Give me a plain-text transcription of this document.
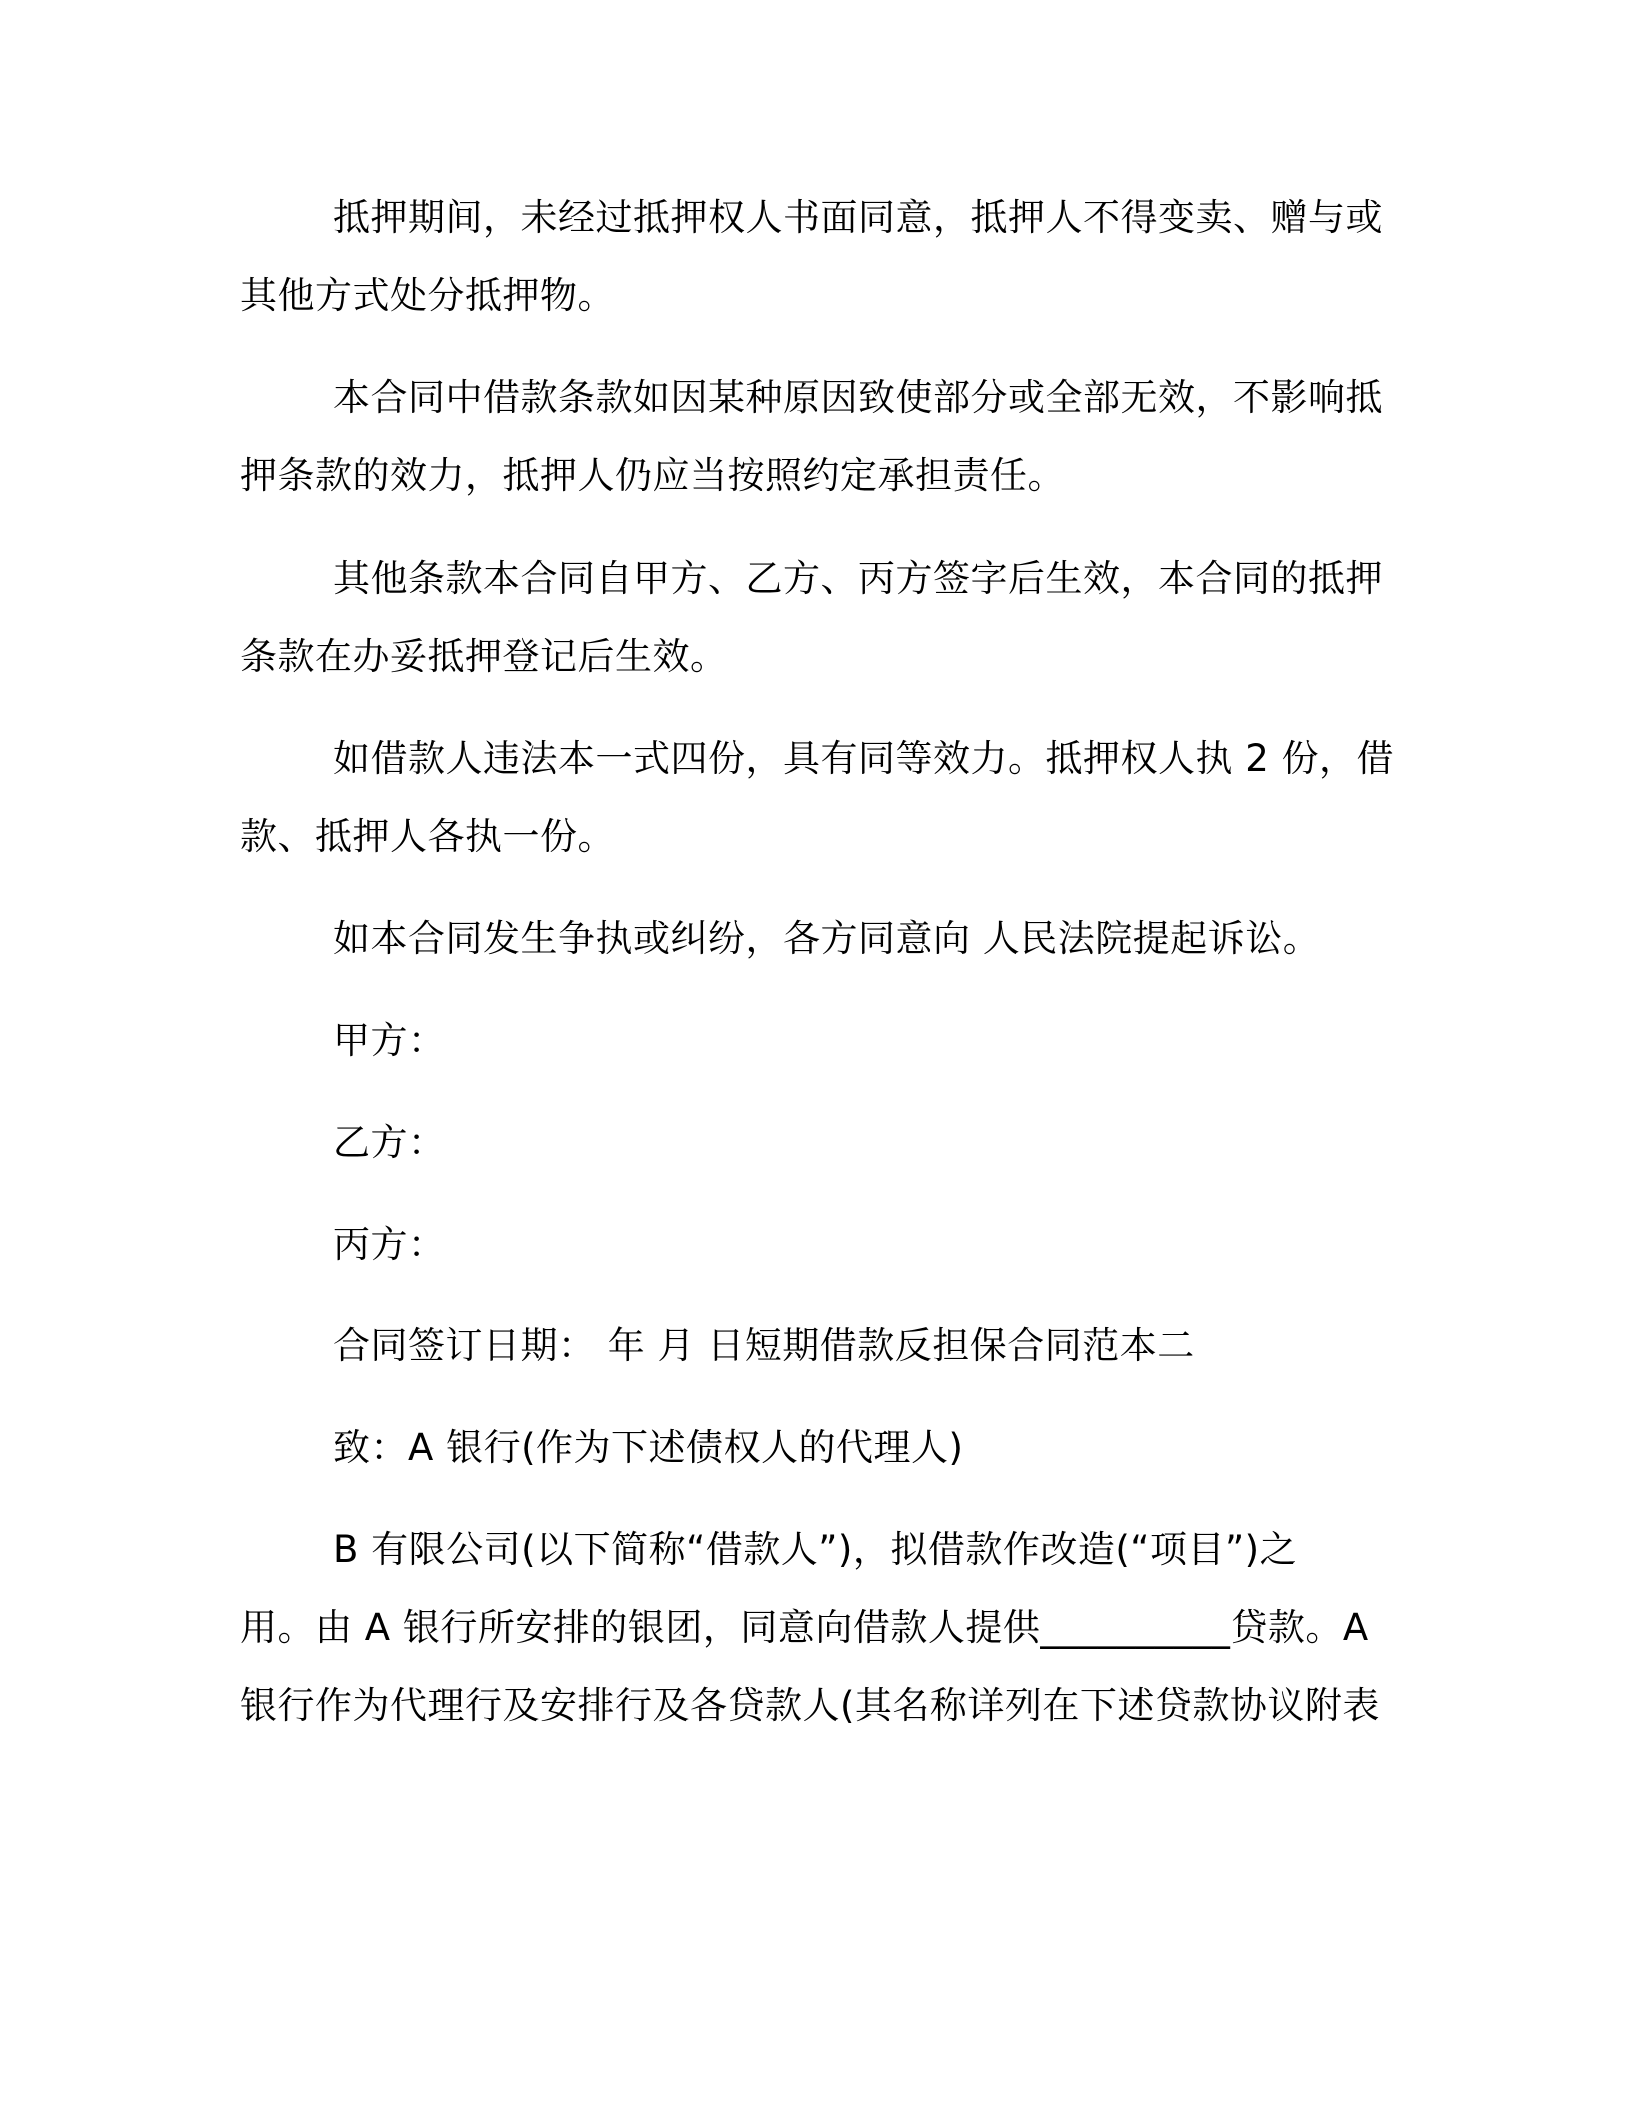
抵押期间，未经过抵押权人书面同意，抵押人不得变卖、赠与或
其他方式处分抵押物。
本合同中借款条款如因某种原因致使部分或全部无效，不影响抵
押条款的效力，抵押人仍应当按照约定承担责任。
其他条款本合同自甲方、乙方、丙方签字后生效，本合同的抵押
条款在办妥抵押登记后生效。
如借款人违法本一式四份，具有同等效力。抵押权人执 2 份，借
款、抵押人各执一份。
如本合同发生争执或纠纷，各方同意向 人民法院提起诉讼。
甲方：
乙方：
丙方：
合同签订日期： 年 月 日短期借款反担保合同范本二
致：A 银行(作为下述债权人的代理人)
B 有限公司(以下简称“借款人”)，拟借款作改造(“项目”)之
用。由 A 银行所安排的银团，同意向借款人提供__________贷款。A
银行作为代理行及安排行及各贷款人(其名称详列在下述贷款协议附表
